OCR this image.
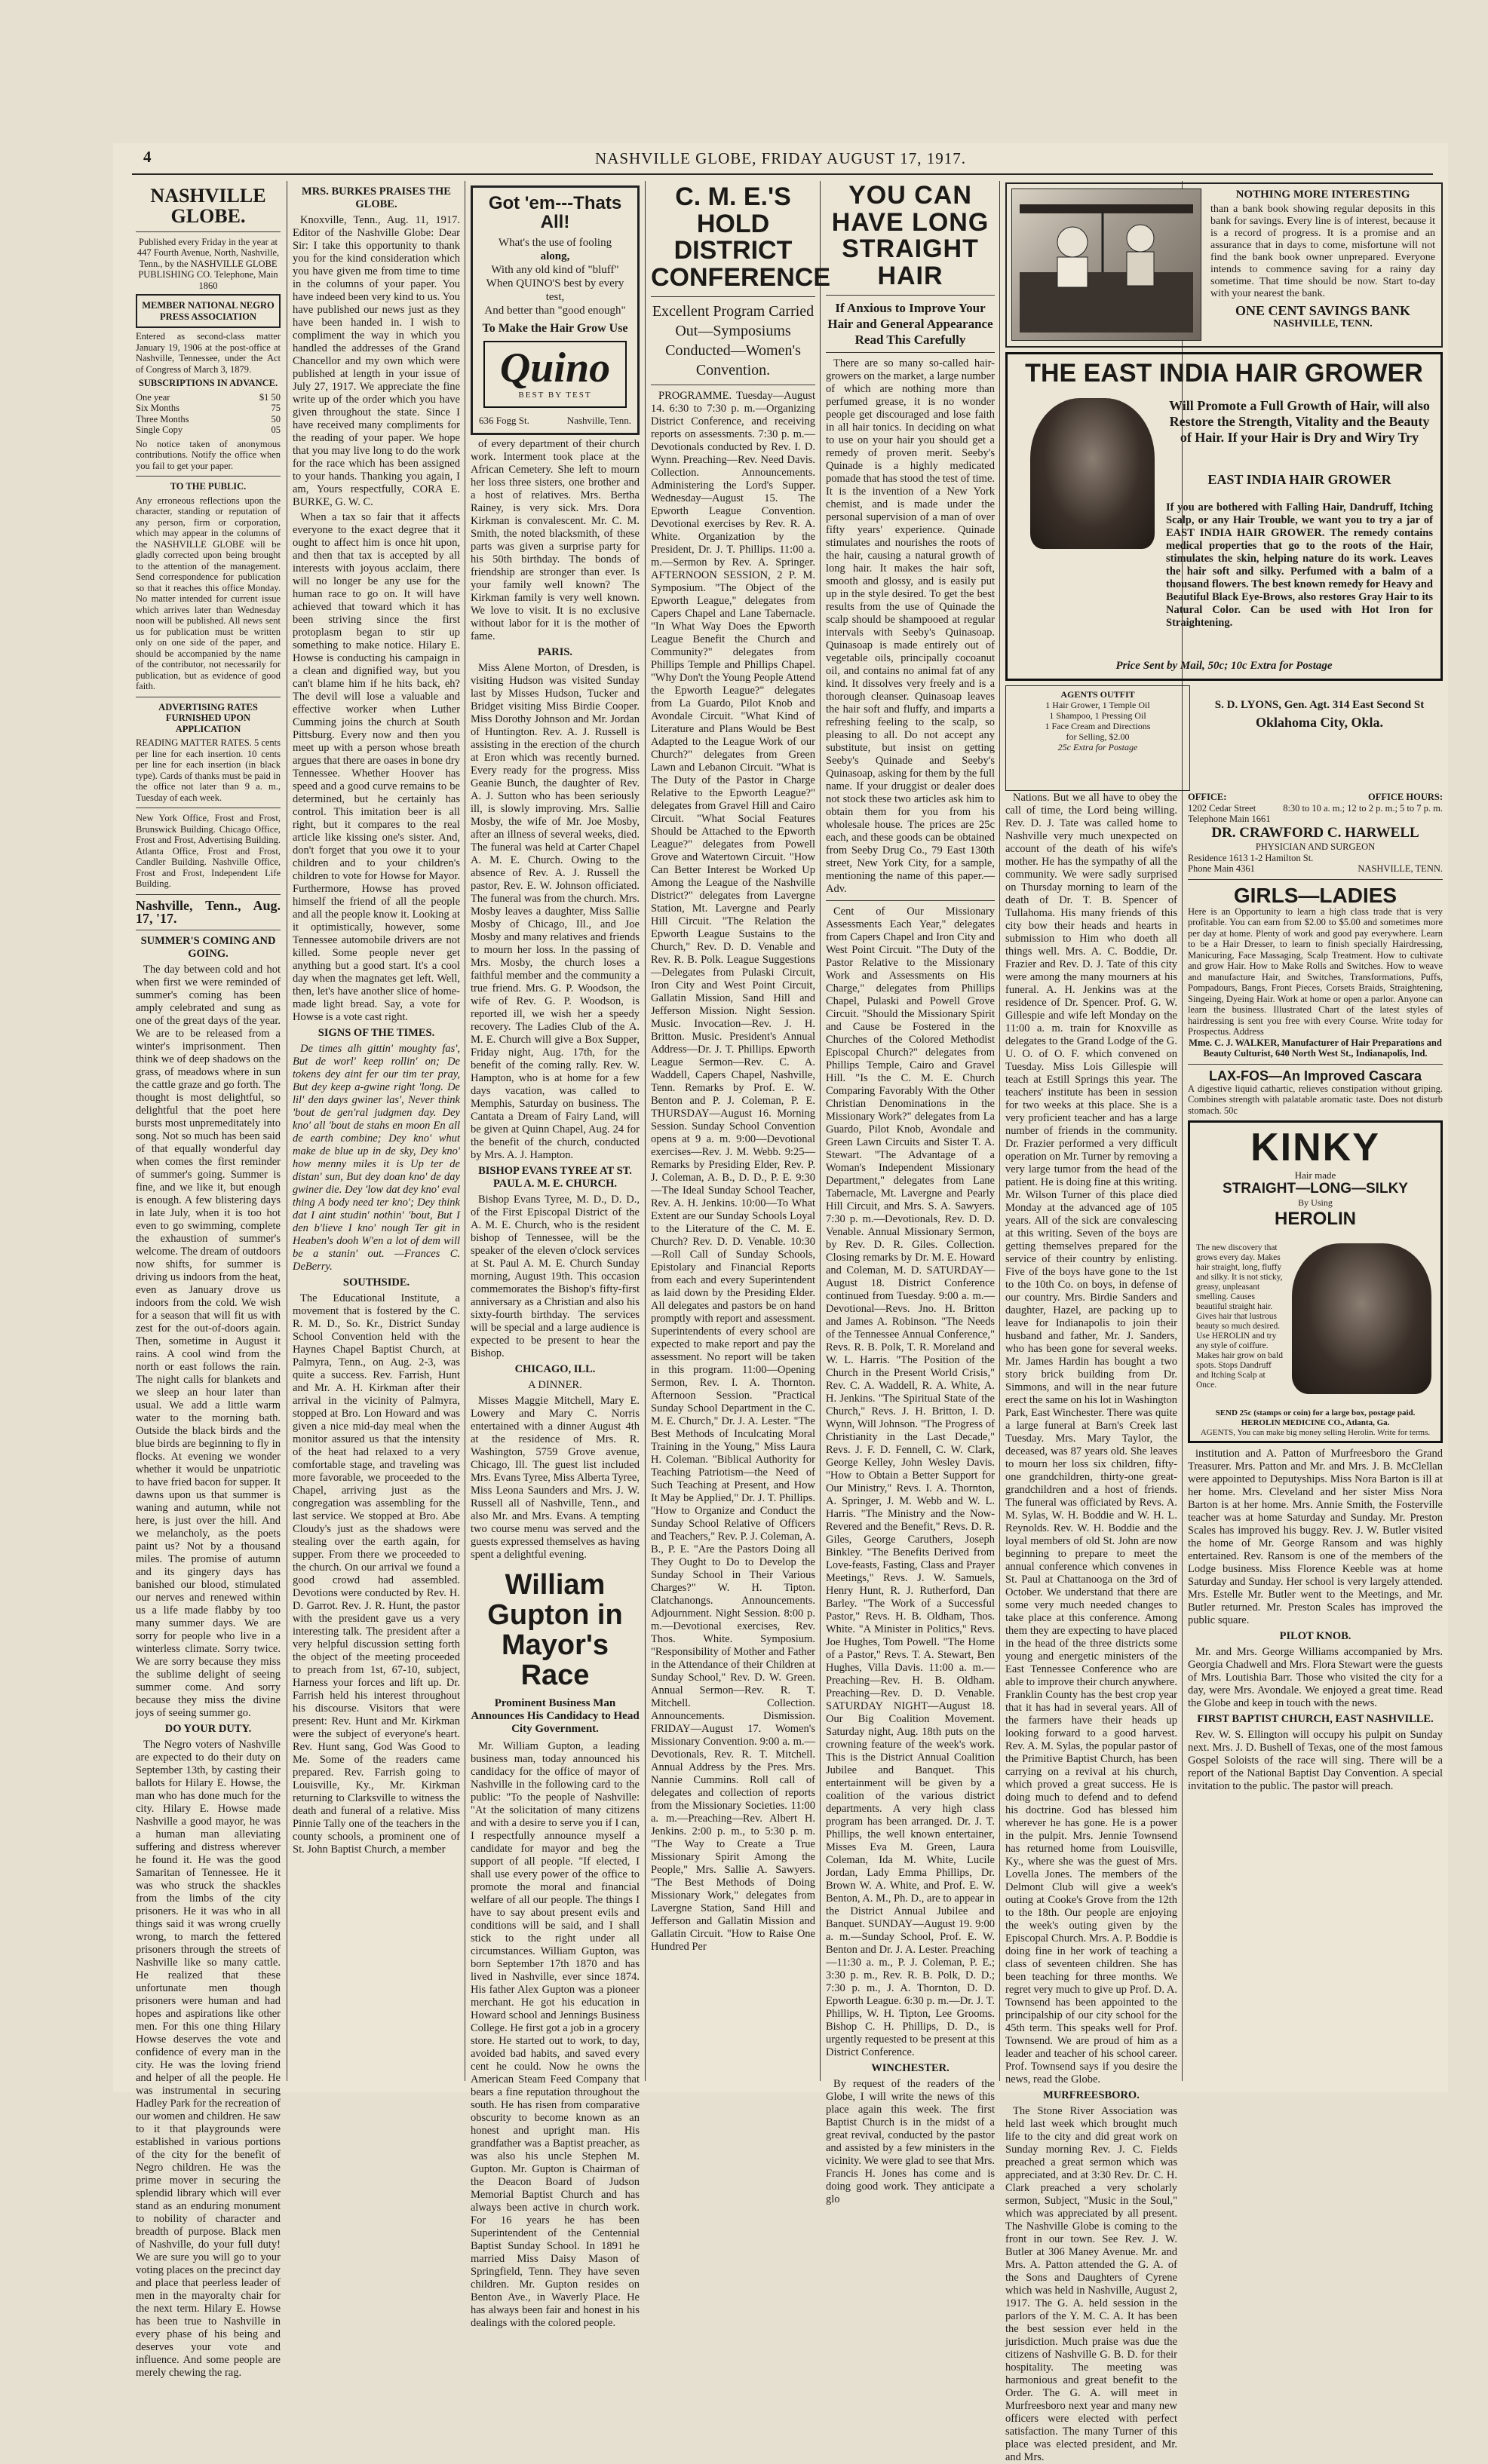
4	NASHVILLE GLOBE, FRIDAY AUGUST 17, 1917.
NASHVILLE GLOBE.
Published every Friday in the year at 447 Fourth Avenue, North, Nashville, Tenn., by the NASHVILLE GLOBE PUBLISHING CO. Telephone, Main 1860
MEMBER NATIONAL NEGRO PRESS ASSOCIATION
Entered as second-class matter January 19, 1906 at the post-office at Nashville, Tennessee, under the Act of Congress of March 3, 1879.
SUBSCRIPTIONS IN ADVANCE.
One year	$1 50
Six Months	75
Three Months	50
Single Copy	05
No notice taken of anonymous contributions. Notify the office when you fail to get your paper.
TO THE PUBLIC.
Any erroneous reflections upon the character, standing or reputation of any person, firm or corporation, which may appear in the columns of the NASHVILLE GLOBE will be gladly corrected upon being brought to the attention of the management. Send correspondence for publication so that it reaches this office Monday. No matter intended for current issue which arrives later than Wednesday noon will be published. All news sent us for publication must be written only on one side of the paper, and should be accompanied by the name of the contributor, not necessarily for publication, but as evidence of good faith.
ADVERTISING RATES FURNISHED UPON APPLICATION
READING MATTER RATES. 5 cents per line for each insertion. 10 cents per line for each insertion (in black type). Cards of thanks must be paid in the office not later than 9 a. m., Tuesday of each week.
New York Office, Frost and Frost, Brunswick Building. Chicago Office, Frost and Frost, Advertising Building. Atlanta Office, Frost and Frost, Candler Building. Nashville Office, Frost and Frost, Independent Life Building.
Nashville, Tenn., Aug. 17, '17.
SUMMER'S COMING AND GOING.

The day between cold and hot when first we were reminded of summer's coming has been amply celebrated and sung as one of the great days of the year. We are to be released from a winter's imprisonment. Then think we of deep shadows on the grass, of meadows where in sun the cattle graze and go forth. The thought is most delightful, so delightful that the poet here bursts most unpremeditately into song. Not so much has been said of that equally wonderful day when comes the first reminder of summer's going. Summer is fine, and we like it, but enough is enough. A few blistering days in late July, when it is too hot even to go swimming, complete the exhaustion of summer's welcome. The dream of outdoors now shifts, for summer is driving us indoors from the heat, even as January drove us indoors from the cold. We wish for a season that will fit us with zest for the out-of-doors again. Then, sometime in August it rains. A cool wind from the north or east follows the rain. The night calls for blankets and we sleep an hour later than usual. We add a little warm water to the morning bath. Outside the black birds and the blue birds are beginning to fly in flocks. At evening we wonder whether it would be unpatriotic to have fried bacon for supper. It dawns upon us that summer is waning and autumn, while not here, is just over the hill. And we melancholy, as the poets paint us? Not by a thousand miles. The promise of autumn and its gingery days has banished our blood, stimulated our nerves and renewed within us a life made flabby by too many summer days. We are sorry for people who live in a winterless climate. Sorry twice. We are sorry because they miss the sublime delight of seeing summer come. And sorry because they miss the divine joys of seeing summer go.

DO YOUR DUTY.

The Negro voters of Nashville are expected to do their duty on September 13th, by casting their ballots for Hilary E. Howse, the man who has done much for the city. Hilary E. Howse made Nashville a good mayor, he was a human man alleviating suffering and distress wherever he found it. He was the good Samaritan of Tennessee. He it was who struck the shackles from the limbs of the city prisoners. He it was who in all things said it was wrong cruelly wrong, to march the fettered prisoners through the streets of Nashville like so many cattle. He realized that these unfortunate men though prisoners were human and had hopes and aspirations like other men. For this one thing Hilary Howse deserves the vote and confidence of every man in the city. He was the loving friend and helper of all the people. He was instrumental in securing Hadley Park for the recreation of our women and children. He saw to it that playgrounds were established in various portions of the city for the benefit of Negro children. He was the prime mover in securing the splendid library which will ever stand as an enduring monument to nobility of character and breadth of purpose. Black men of Nashville, do your full duty! We are sure you will go to your voting places on the precinct day and place that peerless leader of men in the mayoralty chair for the next term. Hilary E. Howse has been true to Nashville in every phase of his being and deserves your vote and influence. And some people are merely chewing the rag.

MRS. BURKES PRAISES THE GLOBE.

Knoxville, Tenn., Aug. 11, 1917. Editor of the Nashville Globe: Dear Sir: I take this opportunity to thank you for the kind consideration which you have given me from time to time in the columns of your paper. You have indeed been very kind to us. You have published our news just as they have been handed in. I wish to compliment the way in which you handled the addresses of the Grand Chancellor and my own which were published at length in your issue of July 27, 1917. We appreciate the fine write up of the order which you have given throughout the state. Since I have received many compliments for the reading of your paper. We hope that you may live long to do the work for the race which has been assigned to your hands. Thanking you again, I am, Yours respectfully, CORA E. BURKE, G. W. C.

When a tax so fair that it affects everyone to the exact degree that it ought to affect him is once hit upon, and then that tax is accepted by all interests with joyous acclaim, there will no longer be any use for the human race to go on. It will have achieved that toward which it has been striving since the first protoplasm began to stir up something to make notice. Hilary E. Howse is conducting his campaign in a clean and dignified way, but you can't blame him if he hits back, eh? The devil will lose a valuable and effective worker when Luther Cumming joins the church at South Pittsburg. Every now and then you meet up with a person whose breath argues that there are oases in bone dry Tennessee. Whether Hoover has speed and a good curve remains to be determined, but he certainly has control. This imitation beer is all right, but it compares to the real article like kissing one's sister. And, don't forget that you owe it to your children and to your children's children to vote for Howse for Mayor. Furthermore, Howse has proved himself the friend of all the people and all the people know it. Looking at it optimistically, however, some Tennessee automobile drivers are not killed. Some people never get anything but a good start. It's a cool day when the magnates get left. Well, then, let's have another slice of home-made light bread. Say, a vote for Howse is a vote cast right.

SIGNS OF THE TIMES.

De times alh gittin' moughty fas', But de worl' keep rollin' on; De tokens dey aint fer our tim ter pray, But dey keep a-gwine right 'long. De lil' den days gwiner las', Never think 'bout de gen'ral judgmen day. Dey kno' all 'bout de stahs en moon En all de earth combine; Dey kno' whut make de blue up in de sky, Dey kno' how menny miles it is Up ter de distan' sun, But dey doan kno' de day gwiner die. Dey 'low dat dey kno' eval thing A body need ter kno'; Dey think dat I aint studin' nothin' 'bout, But I den b'lieve I kno' nough Ter git in Heaben's dooh W'en a lot of dem will be a stanin' out. —Frances C. DeBerry.

SOUTHSIDE.

The Educational Institute, a movement that is fostered by the C. R. M. D., So. Kr., District Sunday School Convention held with the Haynes Chapel Baptist Church, at Palmyra, Tenn., on Aug. 2-3, was quite a success. Rev. Farrish, Hunt and Mr. A. H. Kirkman after their arrival in the vicinity of Palmyra, stopped at Bro. Lon Howard and was given a nice mid-day meal when the monitor assured us that the intensity of the heat had relaxed to a very comfortable stage, and traveling was more favorable, we proceeded to the Chapel, arriving just as the congregation was assembling for the last service. We stopped at Bro. Abe Cloudy's just as the shadows were stealing over the earth again, for supper. From there we proceeded to the church. On our arrival we found a good crowd had assembled. Devotions were conducted by Rev. H. D. Garrot. Rev. J. R. Hunt, the pastor with the president gave us a very interesting talk. The president after a very helpful discussion setting forth the object of the meeting proceeded to preach from 1st, 67-10, subject, Harness your forces and lift up. Dr. Farrish held his interest throughout his discourse. Visitors that were present: Rev. Hunt and Mr. Kirkman were the subject of everyone's heart. Rev. Hunt sang, God Was Good to Me. Some of the readers came prepared. Rev. Farrish going to Louisville, Ky., Mr. Kirkman returning to Clarksville to witness the death and funeral of a relative. Miss Pinnie Tally one of the teachers in the county schools, a prominent one of St. John Baptist Church, a member

Got 'em---Thats All!
What's the use of fooling
along,
With any old kind of "bluff"
When QUINO'S best by every
test,
And better than "good enough"
To Make the Hair Grow Use
Quino
BEST BY TEST
636 Fogg St.	Nashville, Tenn.

of every department of their church work. Interment took place at the African Cemetery. She left to mourn her loss three sisters, one brother and a host of relatives. Mrs. Bertha Rainey, is very sick. Mrs. Dora Kirkman is convalescent. Mr. C. M. Smith, the noted blacksmith, of these parts was given a surprise party for his 50th birthday. The bonds of friendship are stronger than ever. Is your family well known? The Kirkman family is very well known. We love to visit. It is no exclusive without labor for it is the mother of fame.

PARIS.

Miss Alene Morton, of Dresden, is visiting Hudson was visited Sunday last by Misses Hudson, Tucker and Bridget visiting Miss Birdie Cooper. Miss Dorothy Johnson and Mr. Jordan of Huntington. Rev. A. J. Russell is assisting in the erection of the church at Eron which was recently burned. Every ready for the progress. Miss Geanie Bunch, the daughter of Rev. A. J. Sutton who has been seriously ill, is slowly improving. Mrs. Sallie Mosby, the wife of Mr. Joe Mosby, after an illness of several weeks, died. The funeral was held at Carter Chapel A. M. E. Church. Owing to the absence of Rev. A. J. Russell the pastor, Rev. E. W. Johnson officiated. The funeral was from the church. Mrs. Mosby leaves a daughter, Miss Sallie Mosby of Chicago, Ill., and Joe Mosby and many relatives and friends to mourn her loss. In the passing of Mrs. Mosby, the church loses a faithful member and the community a true friend. Mrs. G. P. Woodson, the wife of Rev. G. P. Woodson, is reported ill, we wish her a speedy recovery. The Ladies Club of the A. M. E. Church will give a Box Supper, Friday night, Aug. 17th, for the benefit of the coming rally. Rev. W. Hampton, who is at home for a few days vacation, was called to Memphis, Saturday on business. The Cantata a Dream of Fairy Land, will be given at Quinn Chapel, Aug. 24 for the benefit of the church, conducted by Mrs. A. J. Hampton.

BISHOP EVANS TYREE AT ST. PAUL A. M. E. CHURCH.

Bishop Evans Tyree, M. D., D. D., of the First Episcopal District of the A. M. E. Church, who is the resident bishop of Tennessee, will be the speaker of the eleven o'clock services at St. Paul A. M. E. Church Sunday morning, August 19th. This occasion commemorates the Bishop's fifty-first anniversary as a Christian and also his sixty-fourth birthday. The services will be special and a large audience is expected to be present to hear the Bishop.

CHICAGO, ILL.
A DINNER.

Misses Maggie Mitchell, Mary E. Lowery and Mary C. Norris entertained with a dinner August 4th at the residence of Mrs. R. Washington, 5759 Grove avenue, Chicago, Ill. The guest list included Mrs. Evans Tyree, Miss Alberta Tyree, Miss Leona Saunders and Mrs. J. W. Russell all of Nashville, Tenn., and also Mr. and Mrs. Evans. A tempting two course menu was served and the guests expressed themselves as having spent a delightful evening.

William Gupton in Mayor's Race
Prominent Business Man Announces His Candidacy to Head City Government.

Mr. William Gupton, a leading business man, today announced his candidacy for the office of mayor of Nashville in the following card to the public: "To the people of Nashville: "At the solicitation of many citizens and with a desire to serve you if I can, I respectfully announce myself a candidate for mayor and beg the support of all people. "If elected, I shall use every power of the office to promote the moral and financial welfare of all our people. The things I have to say about present evils and conditions will be said, and I shall stick to the right under all circumstances. William Gupton, was born September 17th 1870 and has lived in Nashville, ever since 1874. His father Alex Gupton was a pioneer merchant. He got his education in Howard school and Jennings Business College. He first got a job in a grocery store. He started out to work, to day, avoided bad habits, and saved every cent he could. Now he owns the American Steam Feed Company that bears a fine reputation throughout the south. He has risen from comparative obscurity to become known as an honest and upright man. His grandfather was a Baptist preacher, as was also his uncle Stephen M. Gupton. Mr. Gupton is Chairman of the Deacon Board of Judson Memorial Baptist Church and has always been active in church work. For 16 years he has been Superintendent of the Centennial Baptist Sunday School. In 1891 he married Miss Daisy Mason of Springfield, Tenn. They have seven children. Mr. Gupton resides on Benton Ave., in Waverly Place. He has always been fair and honest in his dealings with the colored people.

C. M. E.'S HOLD DISTRICT CONFERENCE
Excellent Program Carried Out—Symposiums Conducted—Women's Convention.

PROGRAMME. Tuesday—August 14. 6:30 to 7:30 p. m.—Organizing District Conference, and receiving reports on assessments. 7:30 p. m.—Devotionals conducted by Rev. I. D. Wynn. Preaching—Rev. Need Davis. Collection. Announcements. Administering the Lord's Supper. Wednesday—August 15. The Epworth League Convention. Devotional exercises by Rev. R. A. White. Organization by the President, Dr. J. T. Phillips. 11:00 a. m.—Sermon by Rev. A. Springer. AFTERNOON SESSION, 2 P. M. Symposium. "The Object of the Epworth League," delegates from Capers Chapel and Lane Tabernacle. "In What Way Does the Epworth League Benefit the Church and Community?" delegates from Phillips Temple and Phillips Chapel. "Why Don't the Young People Attend the Epworth League?" delegates from La Guardo, Pilot Knob and Avondale Circuit. "What Kind of Literature and Plans Would be Best Adapted to the League Work of our Church?" delegates from Green Lawn and Lebanon Circuit. "What is The Duty of the Pastor in Charge Relative to the Epworth League?" delegates from Gravel Hill and Cairo Circuit. "What Social Features Should be Attached to the Epworth League?" delegates from Powell Grove and Watertown Circuit. "How Can Better Interest be Worked Up Among the League of the Nashville District?" delegates from Lavergne Station, Mt. Lavergne and Pearly Hill Circuit. "The Relation the Epworth League Sustains to the Church," Rev. D. D. Venable and Rev. R. B. Polk. League Suggestions—Delegates from Pulaski Circuit, Iron City and West Point Circuit, Gallatin Mission, Sand Hill and Jefferson Mission. Night Session. Music. Invocation—Rev. J. H. Britton. Music. President's Annual Address—Dr. J. T. Phillips. Epworth League Sermon—Rev. C. A. Waddell, Capers Chapel, Nashville, Tenn. Remarks by Prof. E. W. Benton and P. J. Coleman, P. E. THURSDAY—August 16. Morning Session. Sunday School Convention opens at 9 a. m. 9:00—Devotional exercises—Rev. J. M. Webb. 9:25—Remarks by Presiding Elder, Rev. P. J. Coleman, A. B., D. D., P. E. 9:30—The Ideal Sunday School Teacher, Rev. A. H. Jenkins. 10:00—To What Extent are our Sunday Schools Loyal to the Literature of the C. M. E. Church? Rev. D. D. Venable. 10:30—Roll Call of Sunday Schools, Epistolary and Financial Reports from each and every Superintendent as laid down by the Presiding Elder. All delegates and pastors be on hand promptly with report and assessment. Superintendents of every school are expected to make report and pay the assessment. No report will be taken in this program. 11:00—Opening Sermon, Rev. I. A. Thornton. Afternoon Session. "Practical Sunday School Department in the C. M. E. Church," Dr. J. A. Lester. "The Best Methods of Inculcating Moral Training in the Young," Miss Laura H. Coleman. "Biblical Authority for Teaching Patriotism—the Need of Such Teaching at Present, and How It May be Applied," Dr. J. T. Phillips. "How to Organize and Conduct the Sunday School Relative of Officers and Teachers," Rev. P. J. Coleman, A. B., P. E. "Are the Pastors Doing all They Ought to Do to Develop the Sunday School in Their Various Charges?" W. H. Tipton. Clatchanongs. Announcements. Adjournment. Night Session. 8:00 p. m.—Devotional exercises, Rev. Thos. White. Symposium. "Responsibility of Mother and Father in the Attendance of their Children at Sunday School," Rev. D. W. Green. Annual Sermon—Rev. R. T. Mitchell. Collection. Announcements. Dismission. FRIDAY—August 17. Women's Missionary Convention. 9:00 a. m.—Devotionals, Rev. R. T. Mitchell. Annual Address by the Pres. Mrs. Nannie Cummins. Roll call of delegates and collection of reports from the Missionary Societies. 11:00 a. m.—Preaching—Rev. Albert H. Jenkins. 2:00 p. m., to 5:30 p. m. "The Way to Create a True Missionary Spirit Among the People," Mrs. Sallie A. Sawyers. "The Best Methods of Doing Missionary Work," delegates from Lavergne Station, Sand Hill and Jefferson and Gallatin Mission and Gallatin Circuit. "How to Raise One Hundred Per

YOU CAN HAVE LONG STRAIGHT HAIR
If Anxious to Improve Your Hair and General Appearance Read This Carefully

There are so many so-called hair-growers on the market, a large number of which are nothing more than perfumed grease, it is no wonder people get discouraged and lose faith in all hair tonics. In deciding on what to use on your hair you should get a remedy of proven merit. Seeby's Quinade is a highly medicated pomade that has stood the test of time. It is the invention of a New York chemist, and is made under the personal supervision of a man of over fifty years' experience. Quinade stimulates and nourishes the roots of the hair, causing a natural growth of long hair. It makes the hair soft, smooth and glossy, and is easily put up in the style desired. To get the best results from the use of Quinade the scalp should be shampooed at regular intervals with Seeby's Quinasoap. Quinasoap is made entirely out of vegetable oils, principally cocoanut oil, and contains no animal fat of any kind. It dissolves very freely and is a thorough cleanser. Quinasoap leaves the hair soft and fluffy, and imparts a refreshing feeling to the scalp, so pleasing to all. Do not accept any substitute, but insist on getting Seeby's Quinade and Seeby's Quinasoap, asking for them by the full name. If your druggist or dealer does not stock these two articles ask him to obtain them for you from his wholesale house. The prices are 25c each, and these goods can be obtained from Seeby Drug Co., 79 East 130th street, New York City, for a sample, mentioning the name of this paper.—Adv.

Cent of Our Missionary Assessments Each Year," delegates from Capers Chapel and Iron City and West Point Circuit. "The Duty of the Pastor Relative to the Missionary Work and Assessments on His Charge," delegates from Phillips Chapel, Pulaski and Powell Grove Circuit. "Should the Missionary Spirit and Cause be Fostered in the Churches of the Colored Methodist Episcopal Church?" delegates from Phillips Temple, Cairo and Gravel Hill. "Is the C. M. E. Church Comparing Favorably With the Other Christian Denominations in the Missionary Work?" delegates from La Guardo, Pilot Knob, Avondale and Green Lawn Circuits and Sister T. A. Stewart. "The Advantage of a Woman's Independent Missionary Department," delegates from Lane Tabernacle, Mt. Lavergne and Pearly Hill Circuit, and Mrs. S. A. Sawyers. 7:30 p. m.—Devotionals, Rev. D. D. Venable. Annual Missionary Sermon, by Rev. D. R. Giles. Collection. Closing remarks by Dr. M. E. Howard and Coleman, M. D. SATURDAY—August 18. District Conference continued from Tuesday. 9:00 a. m.—Devotional—Revs. Jno. H. Britton and James A. Robinson. "The Needs of the Tennessee Annual Conference," Revs. R. B. Polk, T. R. Moreland and W. L. Harris. "The Position of the Church in the Present World Crisis," Rev. C. A. Waddell, R. A. White, A. H. Jenkins. "The Spiritual State of the Church," Revs. J. H. Britton, I. D. Wynn, Will Johnson. "The Progress of Christianity in the Last Decade," Revs. J. F. D. Fennell, C. W. Clark, George Kelley, John Wesley Davis. "How to Obtain a Better Support for Our Ministry," Revs. I. A. Thornton, A. Springer, J. M. Webb and W. L. Harris. "The Ministry and the Now-Revered and the Benefit," Revs. D. R. Giles, George Caruthers, Joseph Binkley. "The Benefits Derived from Love-feasts, Fasting, Class and Prayer Meetings," Revs. J. W. Samuels, Henry Hunt, R. J. Rutherford, Dan Barley. "The Work of a Successful Pastor," Revs. H. B. Oldham, Thos. White. "A Minister in Politics," Revs. Joe Hughes, Tom Powell. "The Home of a Pastor," Revs. T. A. Stewart, Ben Hughes, Villa Davis. 11:00 a. m.—Preaching—Rev. H. B. Oldham. Preaching—Rev. D. D. Venable. SATURDAY NIGHT—August 18. Our Big Coalition Movement. Saturday night, Aug. 18th puts on the crowning feature of the week's work. This is the District Annual Coalition Jubilee and Banquet. This entertainment will be given by a coalition of the various district departments. A very high class program has been arranged. Dr. J. T. Phillips, the well known entertainer, Misses Eva M. Green, Laura Coleman, Ida M. White, Lucile Jordan, Lady Emma Phillips, Dr. Brown W. A. White, and Prof. E. W. Benton, A. M., Ph. D., are to appear in the District Annual Jubilee and Banquet. SUNDAY—August 19. 9:00 a. m.—Sunday School, Prof. E. W. Benton and Dr. J. A. Lester. Preaching—11:30 a. m., P. J. Coleman, P. E.; 3:30 p. m., Rev. R. B. Polk, D. D.; 7:30 p. m., J. A. Thornton, D. D. Epworth League. 6:30 p. m.—Dr. J. T. Phillips, W. H. Tipton, Lee Grooms. Bishop C. H. Phillips, D. D., is urgently requested to be present at this District Conference.

WINCHESTER.

By request of the readers of the Globe, I will write the news of this place again this week. The first Baptist Church is in the midst of a great revival, conducted by the pastor and assisted by a few ministers in the vicinity. We were glad to see that Mrs. Francis H. Jones has come and is doing good work. They anticipate a glo

NOTHING MORE INTERESTING
than a bank book showing regular deposits in this bank for savings. Every line is of interest, because it is a record of progress. It is a promise and an assurance that in days to come, misfortune will not find the bank book owner unprepared. Everyone intends to commence saving for a rainy day sometime. That time should be now. Start to-day with your nearest the bank.
ONE CENT SAVINGS BANK
NASHVILLE, TENN.
THE EAST INDIA HAIR GROWER
Will Promote a Full Growth of Hair, will also Restore the Strength, Vitality and the Beauty of Hair. If your Hair is Dry and Wiry Try
EAST INDIA HAIR GROWER
If you are bothered with Falling Hair, Dandruff, Itching Scalp, or any Hair Trouble, we want you to try a jar of EAST INDIA HAIR GROWER. The remedy contains medical properties that go to the roots of the Hair, stimulates the skin, helping nature do its work. Leaves the hair soft and silky. Perfumed with a balm of a thousand flowers. The best known remedy for Heavy and Beautiful Black Eye-Brows, also restores Gray Hair to its Natural Color. Can be used with Hot Iron for Straightening.
Price Sent by Mail, 50c; 10c Extra for Postage
AGENTS OUTFIT
1 Hair Grower, 1 Temple Oil
1 Shampoo, 1 Pressing Oil
1 Face Cream and Directions
for Selling, $2.00
25c Extra for Postage
S. D. LYONS, Gen. Agt. 314 East Second St
Oklahoma City, Okla.

Nations. But we all have to obey the call of time, the Lord being willing. Rev. D. J. Tate was called home to Nashville very much unexpected on account of the death of his wife's mother. He has the sympathy of all the community. We were sadly surprised on Thursday morning to learn of the death of Dr. T. B. Spencer of Tullahoma. His many friends of this city bow their heads and hearts in submission to Him who doeth all things well. Mrs. A. C. Boddie, Dr. Frazier and Rev. D. J. Tate of this city were among the many mourners at his funeral. A. H. Jenkins was at the residence of Dr. Spencer. Prof. G. W. Gillespie and wife left Monday on the 11:00 a. m. train for Knoxville as delegates to the Grand Lodge of the G. U. O. of O. F. which convened on Tuesday. Miss Lois Gillespie will teach at Estill Springs this year. The teachers' institute has been in session for two weeks at this place. She is a very proficient teacher and has a large number of friends in the community. Dr. Frazier performed a very difficult operation on Mr. Turner by removing a very large tumor from the head of the patient. He is doing fine at this writing. Mr. Wilson Turner of this place died Monday at the advanced age of 105 years. All of the sick are convalescing at this writing. Seven of the boys are getting themselves prepared for the service of their country by enlisting. Five of the boys have gone to the 1st to the 10th Co. on boys, in defense of our country. Mrs. Birdie Sanders and daughter, Hazel, are packing up to leave for Indianapolis to join their husband and father, Mr. J. Sanders, who has been gone for several weeks. Mr. James Hardin has bought a two story brick building from Dr. Simmons, and will in the near future erect the same on his lot in Washington Park, East Winchester. There was quite a large funeral at Barn's Creek last Tuesday. Mrs. Mary Taylor, the deceased, was 87 years old. She leaves to mourn her loss six children, fifty-one grandchildren, thirty-one great-grandchildren and a host of friends. The funeral was officiated by Revs. A. M. Sylas, W. H. Boddie and W. H. L. Reynolds. Rev. W. H. Boddie and the loyal members of old St. John are now beginning to prepare to meet the annual conference which convenes in St. Paul at Chattanooga on the 3rd of October. We understand that there are some very much needed changes to take place at this conference. Among them they are expecting to have placed in the head of the three districts some young and energetic ministers of the East Tennessee Conference who are able to improve their church anywhere. Franklin County has the best crop year that it has had in several years. All of the farmers have their heads up looking forward to a good harvest. Rev. A. M. Sylas, the popular pastor of the Primitive Baptist Church, has been carrying on a revival at his church, which proved a great success. He is doing much to defend and to defend his doctrine. God has blessed him wherever he has gone. He is a power in the pulpit. Mrs. Jennie Townsend has returned home from Louisville, Ky., where she was the guest of Mrs. Lovella Jones. The members of the Delmont Club will give a week's outing at Cooke's Grove from the 12th to the 18th. Our people are enjoying the week's outing given by the Episcopal Church. Mrs. A. P. Boddie is doing fine in her work of teaching a class of seventeen children. She has been teaching for three months. We regret very much to give up Prof. D. A. Townsend has been appointed to the principalship of our city school for the 45th term. This speaks well for Prof. Townsend. We are proud of him as a leader and teacher of his school career. Prof. Townsend says if you desire the news, read the Globe.

MURFREESBORO.

The Stone River Association was held last week which brought much life to the city and did great work on Sunday morning Rev. J. C. Fields preached a great sermon which was appreciated, and at 3:30 Rev. Dr. C. H. Clark preached a very scholarly sermon, Subject, "Music in the Soul," which was appreciated by all present. The Nashville Globe is coming to the front in our town. See Rev. J. W. Butler at 306 Maney Avenue. Mr. and Mrs. A. Patton attended the G. A. of the Sons and Daughters of Cyrene which was held in Nashville, August 2, 1917. The G. A. held session in the parlors of the Y. M. C. A. It has been the best session ever held in the jurisdiction. Much praise was due the citizens of Nashville G. B. D. for their hospitality. The meeting was harmonious and great benefit to the Order. The G. A. will meet in Murfreesboro next year and many new officers were elected with perfect satisfaction. The many Turner of this place was elected president, and Mr. and Mrs.

OFFICE:	OFFICE HOURS:
1202 Cedar Street	8:30 to 10 a. m.; 12 to 2 p. m.; 5 to 7 p. m.
Telephone Main 1661
DR. CRAWFORD C. HARWELL
PHYSICIAN AND SURGEON
Residence 1613 1-2 Hamilton St.
Phone Main 4361	NASHVILLE, TENN.
GIRLS—LADIES
Here is an Opportunity to learn a high class trade that is very profitable. You can earn from $2.00 to $5.00 and sometimes more per day at home. Plenty of work and good pay everywhere. Learn to be a Hair Dresser, to learn to finish specially Hairdressing, Manicuring, Face Massaging, Scalp Treatment. How to cultivate and grow Hair. How to Make Rolls and Switches. How to weave and manufacture Hair, and Switches, Transformations, Puffs, Pompadours, Bangs, Front Pieces, Corsets Braids, Straightening, Singeing, Dyeing Hair. Work at home or open a parlor. Anyone can learn the business. Illustrated Chart of the latest styles of hairdressing is sent you free with every Course. Write today for Prospectus. Address
Mme. C. J. WALKER, Manufacturer of Hair Preparations and Beauty Culturist, 640 North West St., Indianapolis, Ind.
LAX-FOS—An Improved Cascara
A digestive liquid cathartic, relieves constipation without griping. Combines strength with palatable aromatic taste. Does not disturb stomach. 50c
KINKY
Hair made
STRAIGHT—LONG—SILKY
By Using
HEROLIN
The new discovery that grows every day. Makes hair straight, long, fluffy and silky. It is not sticky, greasy, unpleasant smelling. Causes beautiful straight hair. Gives hair that lustrous beauty so much desired. Use HEROLIN and try any style of coiffure. Makes hair grow on bald spots. Stops Dandruff and Itching Scalp at Once.
SEND 25c (stamps or coin) for a large box, postage paid.
HEROLIN MEDICINE CO., Atlanta, Ga.
AGENTS, You can make big money selling Herolin. Write for terms.

institution and A. Patton of Murfreesboro the Grand Treasurer. Mrs. Patton and Mr. and Mrs. J. B. McClellan were appointed to Deputyships. Miss Nora Barton is ill at her home. Mrs. Cleveland and her sister Miss Nora Barton is at her home. Mrs. Annie Smith, the Fosterville teacher was at home Saturday and Sunday. Mr. Preston Scales has improved his buggy. Rev. J. W. Butler visited the home of Mr. George Ransom and was highly entertained. Rev. Ransom is one of the members of the Lodge business. Miss Florence Keeble was at home Saturday and Sunday. Her school is very largely attended. Mrs. Estelle Mr. Butler went to the Meetings, and Mr. Butler returned. Mr. Preston Scales has improved the public square.

PILOT KNOB.

Mr. and Mrs. George Williams accompanied by Mrs. Georgia Chadwell and Mrs. Flora Stewart were the guests of Mrs. Loutishia Barr. Those who visited the city for a day, were Mrs. Avondale. We enjoyed a great time. Read the Globe and keep in touch with the news.

FIRST BAPTIST CHURCH, EAST NASHVILLE.

Rev. W. S. Ellington will occupy his pulpit on Sunday next. Mrs. J. D. Bushell of Texas, one of the most famous Gospel Soloists of the race will sing. There will be a report of the National Baptist Day Convention. A special invitation to the public. The pastor will preach.
